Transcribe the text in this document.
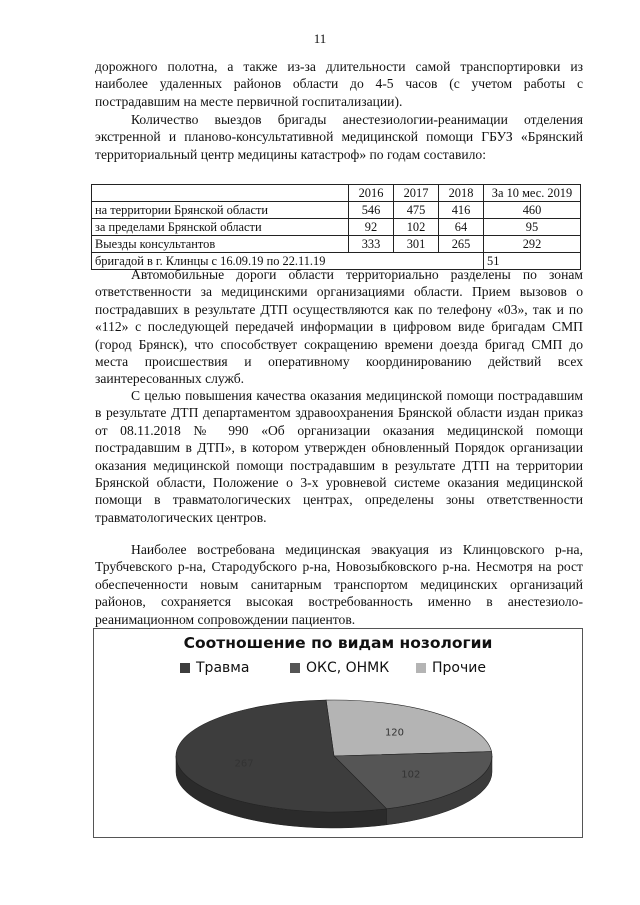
11

дорожного полотна, а также из-за длительности самой транспортировки из наиболее удаленных районов области до 4-5 часов (с учетом работы с пострадавшим на месте первичной госпитализации).

Количество выездов бригады анестезиологии-реанимации отделения экстренной и планово-консультативной медицинской помощи ГБУЗ «Брянский территориальный центр медицины катастроф» по годам составило:

	2016	2017	2018	За 10 мес. 2019
на территории Брянской области	546	475	416	460
за пределами Брянской области	92	102	64	95
Выезды консультантов	333	301	265	292
бригадой в г. Клинцы с 16.09.19 по 22.11.19				51

Автомобильные дороги области территориально разделены по зонам ответственности за медицинскими организациями области. Прием вызовов о пострадавших в результате ДТП осуществляются как по телефону «03», так и по «112» с последующей передачей информации в цифровом виде бригадам СМП (город Брянск), что способствует сокращению времени доезда бригад СМП до места происшествия и оперативному координированию действий всех заинтересованных служб.

С целью повышения качества оказания медицинской помощи пострадавшим в результате ДТП департаментом здравоохранения Брянской области издан приказ от 08.11.2018 № 990 «Об организации оказания медицинской помощи пострадавшим в ДТП», в котором утвержден обновленный Порядок организации оказания медицинской помощи пострадавшим в результате ДТП на территории Брянской области, Положение о 3-х уровневой системе оказания медицинской помощи в травматологических центрах, определены зоны ответственности травматологических центров.

Наиболее востребована медицинская эвакуация из Клинцовского р-на, Трубчевского р-на, Стародубского р-на, Новозыбковского р-на. Несмотря на рост обеспеченности новым санитарным транспортом медицинских организаций районов, сохраняется высокая востребованность именно в анестезиоло-реанимационном сопровождении пациентов.

Соотношение по видам нозологии
Травма	ОКС, ОНМК	Прочие
120
102
267
